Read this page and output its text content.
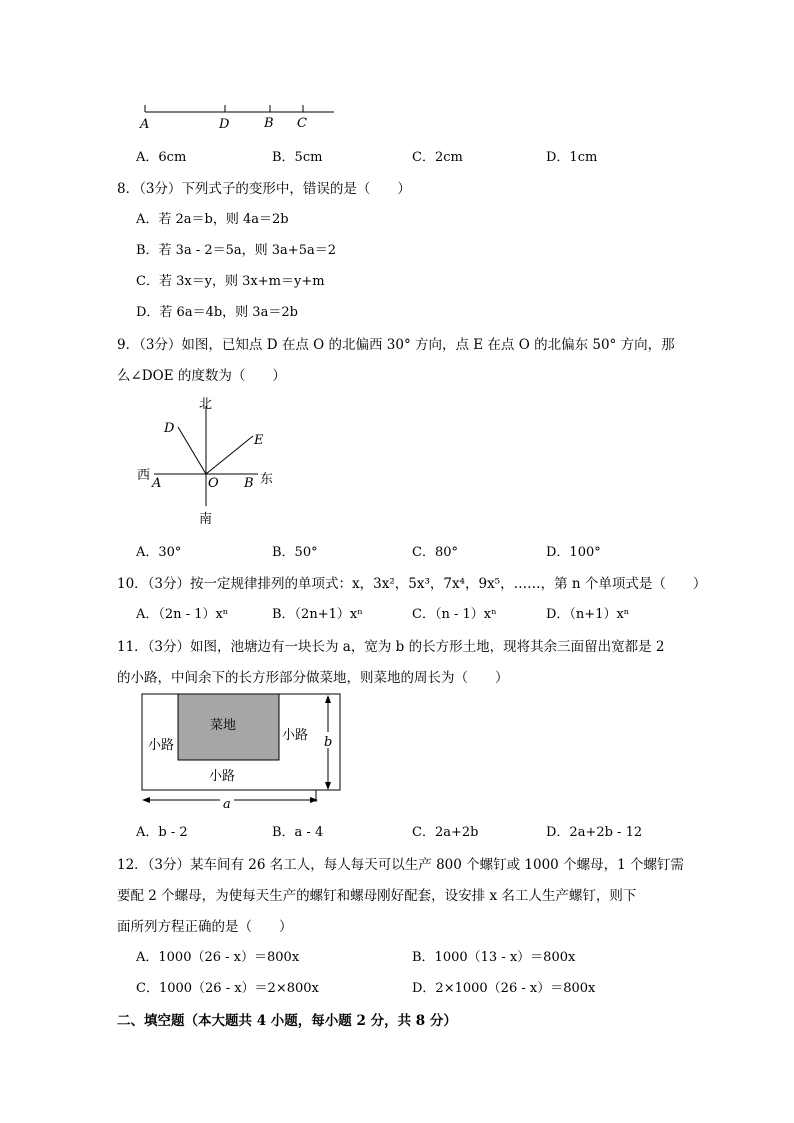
A	D	B C
A．6cm	B．5cm	C．2cm	D．1cm
8．（3分）下列式子的变形中，错误的是（　　）
A．若 2a＝b，则 4a＝2b
B．若 3a - 2＝5a，则 3a+5a＝2
C．若 3x＝y，则 3x+m＝y+m
D．若 6a＝4b，则 3a＝2b
9．（3分）如图，已知点 D 在点 O 的北偏西 30° 方向，点 E 在点 O 的北偏东 50° 方向，那
么∠DOE 的度数为（　　）
北
南
西	东
D
E
O
A	B
A．30°	B．50°	C．80°	D．100°
10．（3分）按一定规律排列的单项式：x，3x²，5x³，7x⁴，9x⁵，……，第 n 个单项式是（　　）
A．（2n - 1）xⁿ	B．（2n+1）xⁿ	C．（n - 1）xⁿ	D．（n+1）xⁿ
11．（3分）如图，池塘边有一块长为 a，宽为 b 的长方形土地，现将其余三面留出宽都是 2
的小路，中间余下的长方形部分做菜地，则菜地的周长为（　　）
菜地
小路
小路
小路
b
a
A．b - 2	B．a - 4	C．2a+2b	D．2a+2b - 12
12．（3分）某车间有 26 名工人，每人每天可以生产 800 个螺钉或 1000 个螺母，1 个螺钉需
要配 2 个螺母，为使每天生产的螺钉和螺母刚好配套，设安排 x 名工人生产螺钉，则下
面所列方程正确的是（　　）
A．1000（26 - x）＝800x	B．1000（13 - x）＝800x
C．1000（26 - x）＝2×800x	D．2×1000（26 - x）＝800x
二、填空题（本大题共 4 小题，每小题 2 分，共 8 分）
